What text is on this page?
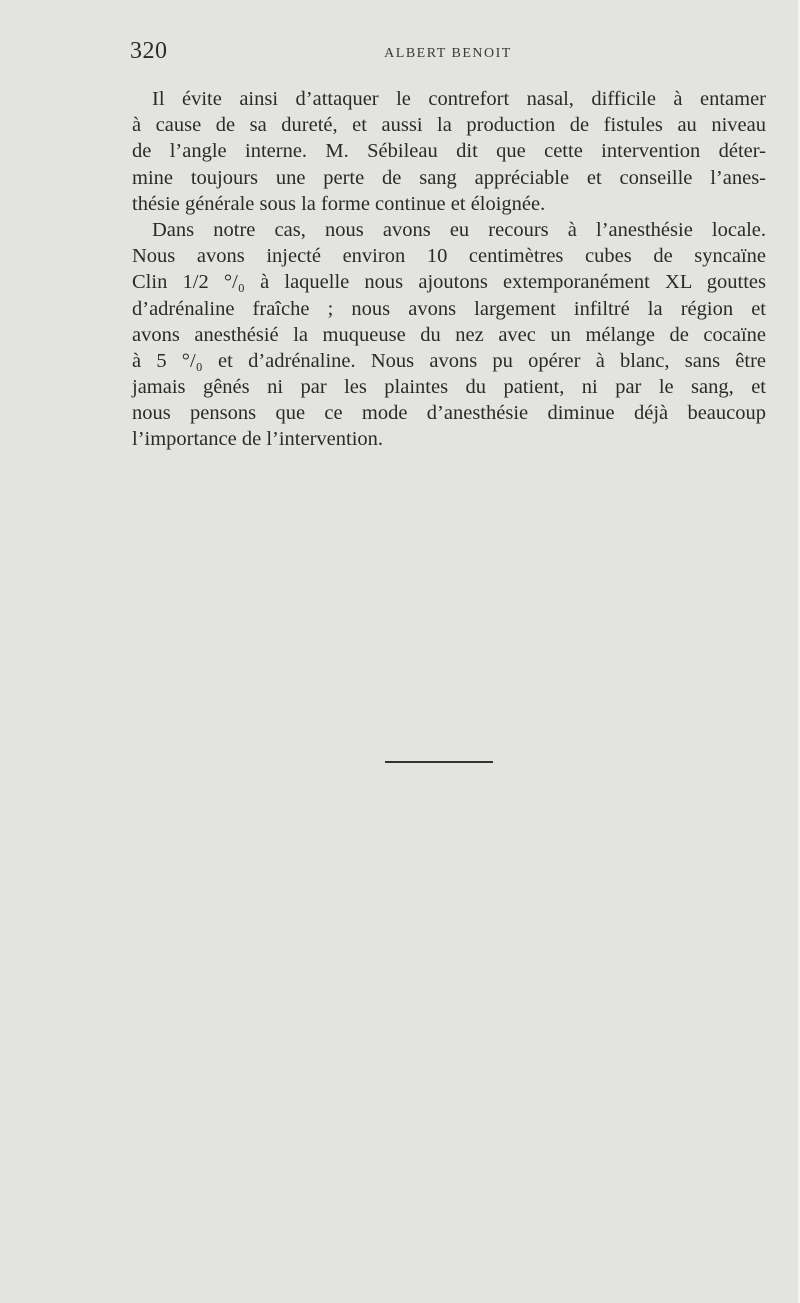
320	ALBERT BENOIT

Il évite ainsi d’attaquer le contrefort nasal, difficile à entamer
à cause de sa dureté, et aussi la production de fistules au niveau
de l’angle interne. M. Sébileau dit que cette intervention déter-
mine toujours une perte de sang appréciable et conseille l’anes-
thésie générale sous la forme continue et éloignée.

Dans notre cas, nous avons eu recours à l’anesthésie locale.
Nous avons injecté environ 10 centimètres cubes de syncaïne
Clin 1/2 °/₀ à laquelle nous ajoutons extemporanément XL gouttes
d’adrénaline fraîche ; nous avons largement infiltré la région et
avons anesthésié la muqueuse du nez avec un mélange de cocaïne
à 5 °/₀ et d’adrénaline. Nous avons pu opérer à blanc, sans être
jamais gênés ni par les plaintes du patient, ni par le sang, et
nous pensons que ce mode d’anesthésie diminue déjà beaucoup
l’importance de l’intervention.
